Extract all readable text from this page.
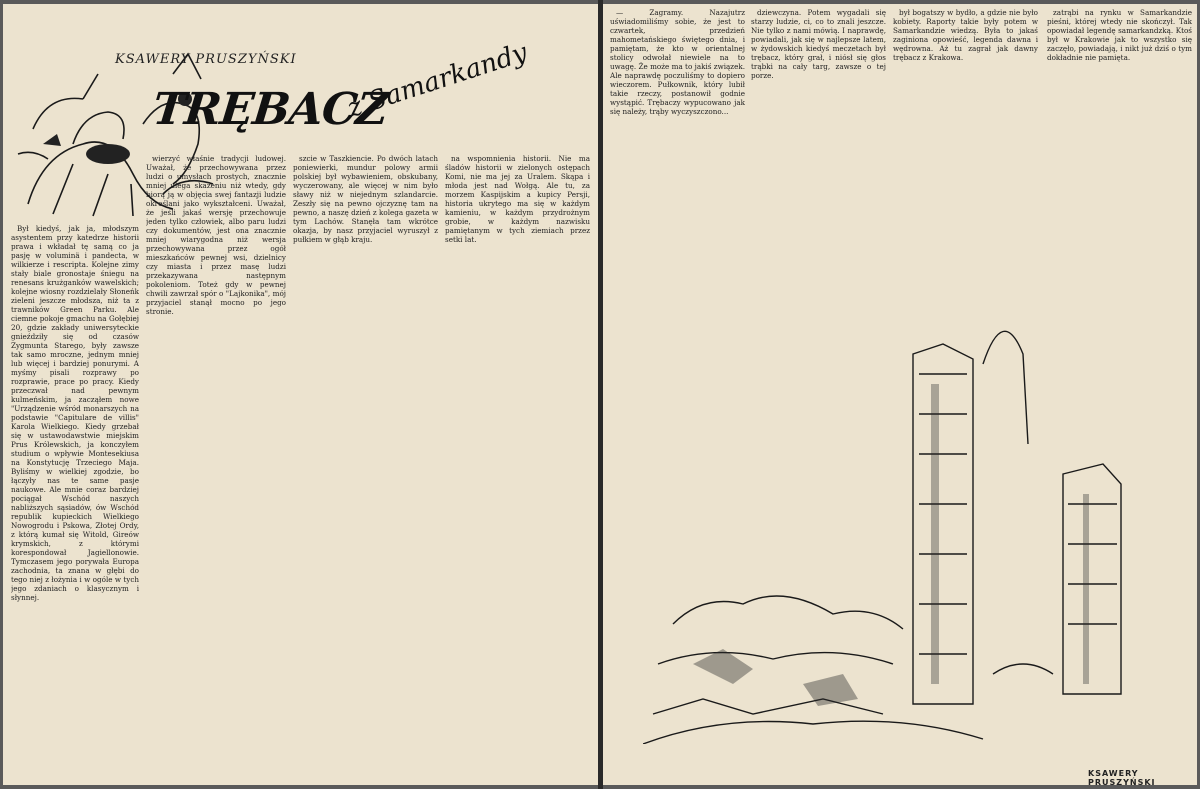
KSAWERY PRUSZYŃSKI
TRĘBACZ
z Samarkandy

Był kiedyś, jak ja, młodszym asystentem przy katedrze historii prawa i wkładał tę samą co ja pasję w voluminä i pandecta, w wilkierze i rescripta. Kolejne zimy stały biale gronostaje śniegu na renesans krużganków wawelskich; kolejne wiosny rozdzielały Słoneńk zieleni jeszcze młodsza, niż ta z trawników Green Parku. Ale ciemne pokoje gmachu na Gołębiej 20, gdzie zakłady uniwersyteckie gnieździły się od czasów Zygmunta Starego, były zawsze tak samo mroczne, jednym mniej lub więcej i bardziej ponurymi. A myśmy pisali rozprawy po rozprawie, prace po pracy. Kiedy przeczwał nad pewnym kulmeńskim, ja zacząłem nowe "Urządzenie wśród monarszych na podstawie "Capitulare de villis" Karola Wielkiego. Kiedy grzebał się w ustawodawstwie miejskim Prus Królewskich, ja konczyłem studium o wpływie Montesekiusa na Konstytucję Trzeciego Maja. Byliśmy w wielkiej zgodzie, bo łączyły nas te same pasje naukowe. Ale mnie coraz bardziej pociągał Wschód naszych nabliższych sąsiadów, ów Wschód republik kupieckich Wielkiego Nowogrodu i Pskowa, Złotej Ordy, z którą kumał się Witold, Gireów krymskich, z którymi korespondował Jagiellonowie. Tymczasem jego porywała Europa zachodnia, ta znana w głębi do tego niej z łożynia i w ogóle w tych jego zdaniach o klasycznym i słynnej.

wierzyć właśnie tradycji ludowej. Uważał, że przechowywana przez ludzi o umysłach prostych, znacznie mniej ulega skażeniu niż wtedy, gdy biorą ją w objęcia swej fantazji ludzie określani jako wykształceni. Uważał, że jeśli jakaś wersję przechowuje jeden tylko człowiek, albo paru ludzi czy dokumentów, jest ona znacznie mniej wiarygodna niż wersja przechowywana przez ogół mieszkańców pewnej wsi, dzielnicy czy miasta i przez masę ludzi przekazywana następnym pokoleniom. Toteż gdy w pewnej chwili zawrzał spór o "Lajkonika", mój przyjaciel stanął mocno po jego stronie.

szcie w Taszkiencie. Po dwóch latach poniewierki, mundur polowy armii polskiej był wybawieniem, obskubany, wyczerowany, ale więcej w nim było sławy niż w niejednym szlandarcie. Zeszły się na pewno ojczyznę tam na pewno, a naszę dzień z kolega gazeta w tym Lachów. Stanęła tam wkrótce okazja, by nasz przyjaciel wyruszył z pułkiem w głąb kraju.

na wspomnienia historii. Nie ma śladów historii w zielonych ostępach Komi, nie ma jej za Uralem. Skąpa i młoda jest nad Wołgą. Ale tu, za morzem Kaspijskim a kupicy Persji, historia ukrytego ma się w każdym kamieniu, w każdym przydrożnym grobie, w każdym nazwisku pamiętanym w tych ziemiach przez setki lat.

— Zagramy. Nazajutrz uświadomiliśmy sobie, że jest to czwartek, przedzień mahometańskiego świętego dnia, i pamiętam, że kto w orientalnej stolicy odwołał niewiele na to uwagę. Że może ma to jakiś związek. Ale naprawdę poczuliśmy to dopiero wieczorem. Pułkownik, który lubił takie rzeczy, postanowił godnie wystąpić. Trębaczy wypucowano jak się należy, trąby wyczyszczono...

dziewczyna. Potem wygadali się starzy ludzie, ci, co to znali jeszcze. Nie tylko z nami mówią. I naprawdę, powiadali, jak się w najlepsze latem, w żydowskich kiedyś meczetach był trębacz, który grał, i niósł się głos trąbki na cały targ, zawsze o tej porze.

był bogatszy w bydło, a gdzie nie było kobiety. Raporty takie były potem w Samarkandzie wiedzą. Była to jakaś zaginiona opowieść, legenda dawna i wędrowna. Aż tu zagrał jak dawny trębacz z Krakowa.

zatrąbi na rynku w Samarkandzie pieśni, której wtedy nie skończył. Tak opowiadał legendę samarkandzką. Ktoś był w Krakowie jak to wszystko się zaczęło, powiadają, i nikt już dziś o tym dokładnie nie pamięta.

KSAWERY PRUSZYŃSKI
